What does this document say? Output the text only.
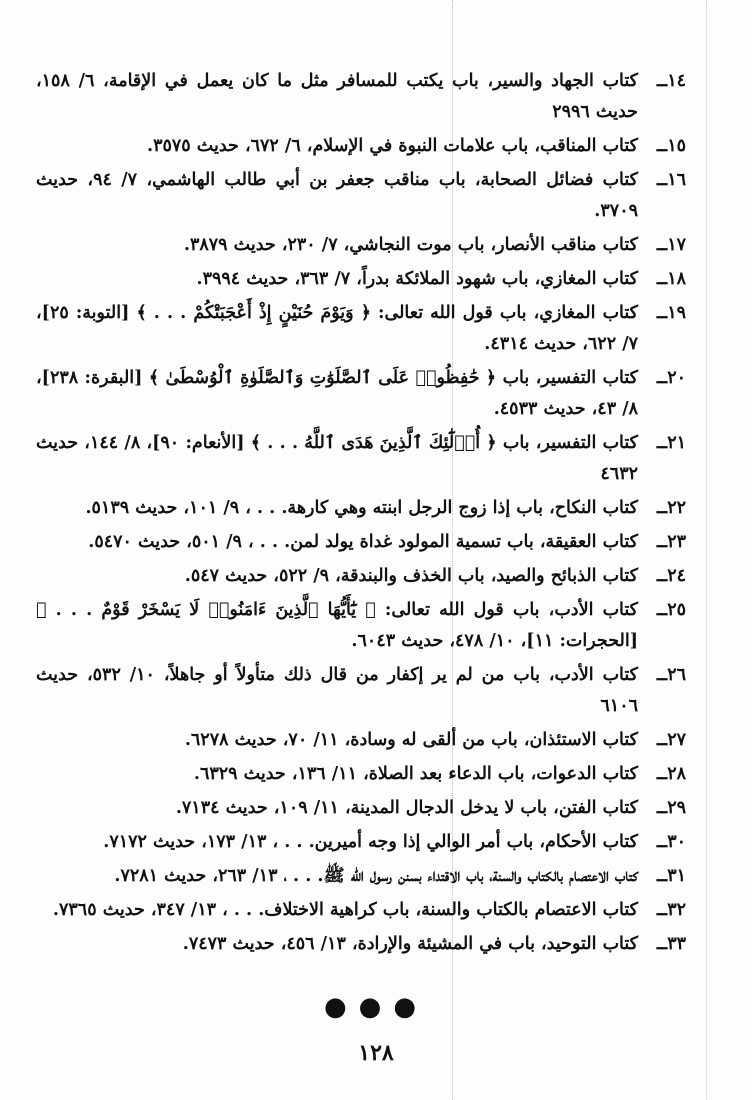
١٤ــ
كتاب الجهاد والسير، باب يكتب للمسافر مثل ما كان يعمل في الإقامة، ٦/ ١٥٨، حديث ٢٩٩٦
١٥ــ
كتاب المناقب، باب علامات النبوة في الإسلام، ٦/ ٦٧٢، حديث ٣٥٧٥.
١٦ــ
كتاب فضائل الصحابة، باب مناقب جعفر بن أبي طالب الهاشمي، ٧/ ٩٤، حديث ٣٧٠٩.
١٧ــ
كتاب مناقب الأنصار، باب موت النجاشي، ٧/ ٢٣٠، حديث ٣٨٧٩.
١٨ــ
كتاب المغازي، باب شهود الملائكة بدراً، ٧/ ٣٦٣، حديث ٣٩٩٤.
١٩ــ
كتاب المغازي، باب قول الله تعالى: ﴿ وَيَوْمَ حُنَيْنٍ إِذْ أَعْجَبَتْكُمْ . . . ﴾ [التوبة: ٢٥]، ٧/ ٦٢٢، حديث ٤٣١٤.
٢٠ــ
كتاب التفسير، باب ﴿ حَٰفِظُوا۟ عَلَى ٱلصَّلَوَٰتِ وَٱلصَّلَوٰةِ ٱلْوُسْطَىٰ ﴾ [البقرة: ٢٣٨]، ٨/ ٤٣، حديث ٤٥٣٣.
٢١ــ
كتاب التفسير، باب ﴿ أُو۟لَٰٓئِكَ ٱلَّذِينَ هَدَى ٱللَّهُ . . . ﴾ [الأنعام: ٩٠]، ٨/ ١٤٤، حديث ٤٦٣٢
٢٢ــ
كتاب النكاح، باب إذا زوج الرجل ابنته وهي كارهة. . . ، ٩/ ١٠١، حديث ٥١٣٩.
٢٣ــ
كتاب العقيقة، باب تسمية المولود غداة يولد لمن. . . ، ٩/ ٥٠١، حديث ٥٤٧٠.
٢٤ــ
كتاب الذبائح والصيد، باب الخذف والبندقة، ٩/ ٥٢٢، حديث ٥٤٧.
٢٥ــ
كتاب الأدب، باب قول الله تعالى: ﴿ يَٰٓأَيُّهَا ٱلَّذِينَ ءَامَنُوا۟ لَا يَسْخَرْ قَوْمٌ . . . ﴾ [الحجرات: ١١]، ١٠/ ٤٧٨، حديث ٦٠٤٣.
٢٦ــ
كتاب الأدب، باب من لم ير إكفار من قال ذلك متأولاً أو جاهلاً، ١٠/ ٥٣٢، حديث ٦١٠٦
٢٧ــ
كتاب الاستئذان، باب من ألقى له وسادة، ١١/ ٧٠، حديث ٦٢٧٨.
٢٨ــ
كتاب الدعوات، باب الدعاء بعد الصلاة، ١١/ ١٣٦، حديث ٦٣٢٩.
٢٩ــ
كتاب الفتن، باب لا يدخل الدجال المدينة، ١١/ ١٠٩، حديث ٧١٣٤.
٣٠ــ
كتاب الأحكام، باب أمر الوالي إذا وجه أميرين. . . ، ١٣/ ١٧٣، حديث ٧١٧٢.
٣١ــ
كتاب الاعتصام بالكتاب والسنة، باب الاقتداء بسنن رسول الله ﷺ. . . ، ١٣/ ٢٦٣، حديث ٧٢٨١.
٣٢ــ
كتاب الاعتصام بالكتاب والسنة، باب كراهية الاختلاف. . . ، ١٣/ ٣٤٧، حديث ٧٣٦٥.
٣٣ــ
كتاب التوحيد، باب في المشيئة والإرادة، ١٣/ ٤٥٦، حديث ٧٤٧٣.
●●●
١٢٨
